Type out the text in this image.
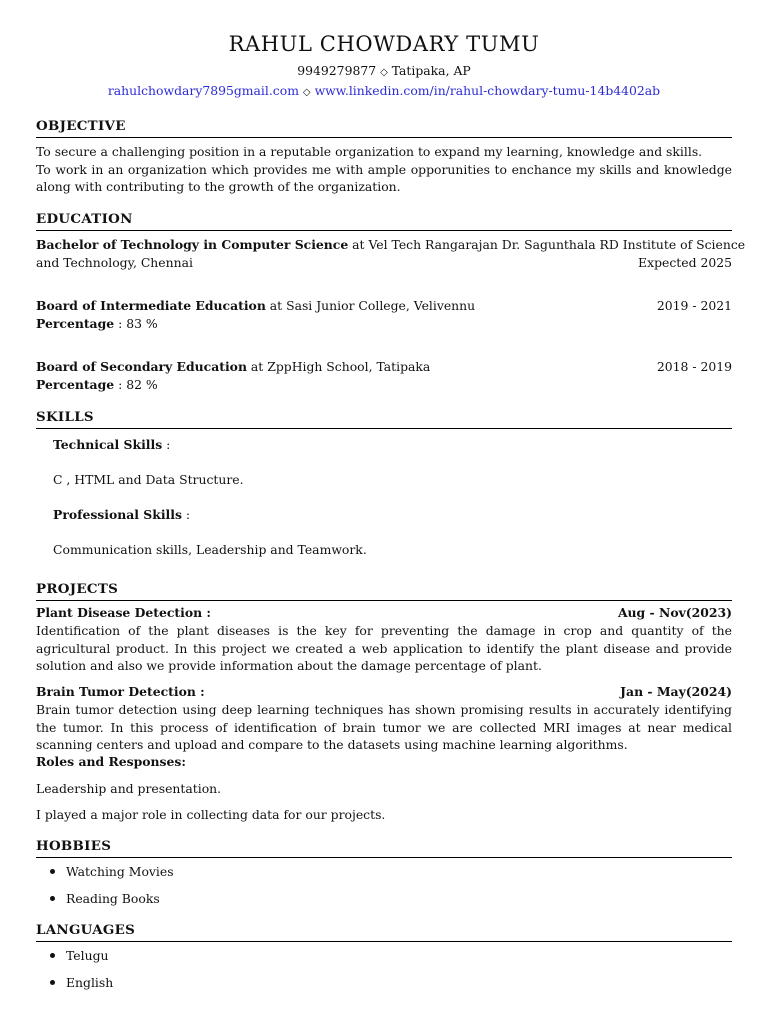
RAHUL CHOWDARY TUMU
9949279877 ◇ Tatipaka, AP
rahulchowdary7895gmail.com ◇ www.linkedin.com/in/rahul-chowdary-tumu-14b4402ab
OBJECTIVE
To secure a challenging position in a reputable organization to expand my learning, knowledge and skills.
To work in an organization which provides me with ample opporunities to enchance my skills and knowledge along with contributing to the growth of the organization.
EDUCATION
Bachelor of Technology in Computer Science at Vel Tech Rangarajan Dr. Sagunthala RD Institute of Science
and Technology, Chennai	Expected 2025
Board of Intermediate Education at Sasi Junior College, Velivennu	2019 - 2021
Percentage : 83 %
Board of Secondary Education at ZppHigh School, Tatipaka	2018 - 2019
Percentage : 82 %
SKILLS
Technical Skills :
C , HTML and Data Structure.
Professional Skills :
Communication skills, Leadership and Teamwork.
PROJECTS
Plant Disease Detection :	Aug - Nov(2023)
Identification of the plant diseases is the key for preventing the damage in crop and quantity of the agricultural product. In this project we created a web application to identify the plant disease and provide solution and also we provide information about the damage percentage of plant.
Brain Tumor Detection :	Jan - May(2024)
Brain tumor detection using deep learning techniques has shown promising results in accurately identifying the tumor. In this process of identification of brain tumor we are collected MRI images at near medical scanning centers and upload and compare to the datasets using machine learning algorithms.
Roles and Responses:
Leadership and presentation.
I played a major role in collecting data for our projects.
HOBBIES
Watching Movies
Reading Books
LANGUAGES
Telugu
English
